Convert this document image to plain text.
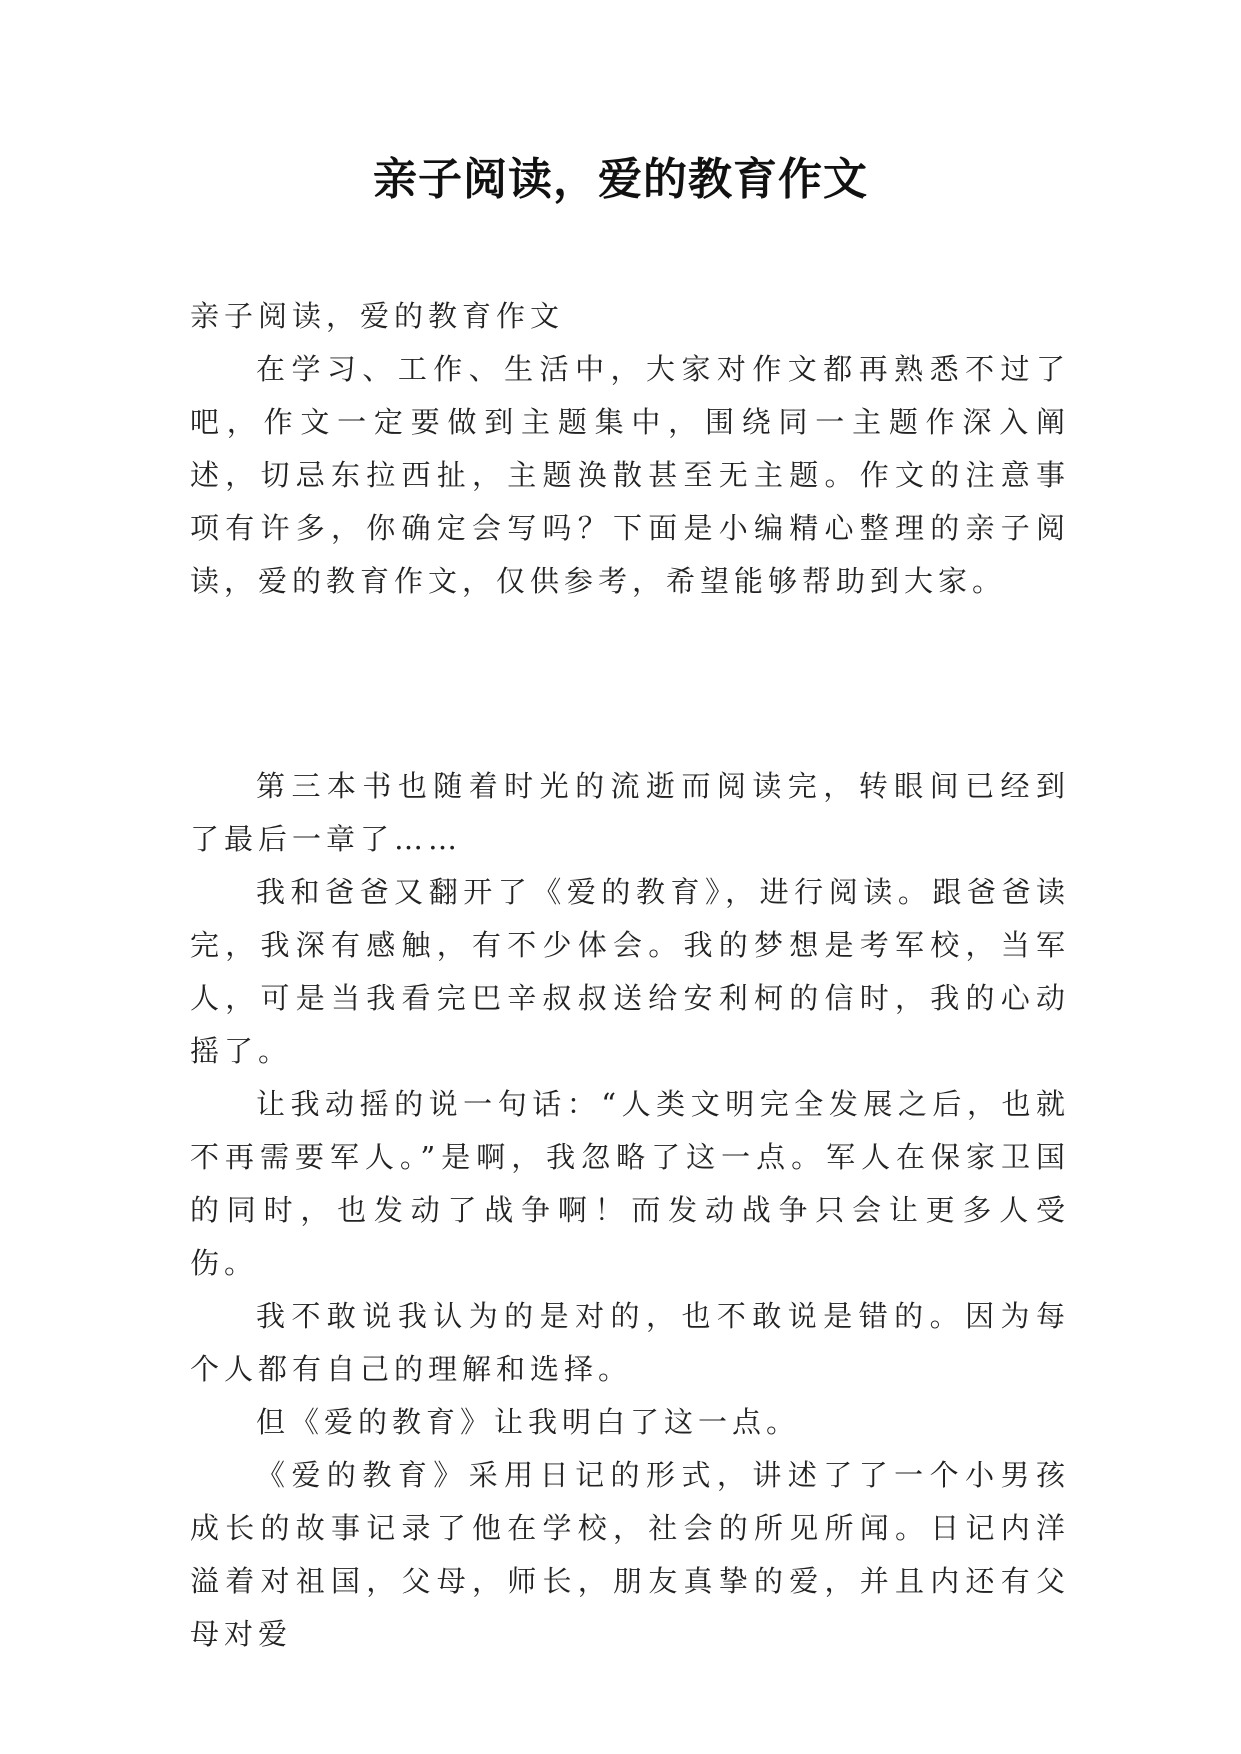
亲子阅读，爱的教育作文

亲子阅读，爱的教育作文

在学习、工作、生活中，大家对作文都再熟悉不过了吧，作文一定要做到主题集中，围绕同一主题作深入阐述，切忌东拉西扯，主题涣散甚至无主题。作文的注意事项有许多，你确定会写吗？下面是小编精心整理的亲子阅读，爱的教育作文，仅供参考，希望能够帮助到大家。

第三本书也随着时光的流逝而阅读完，转眼间已经到了最后一章了……

我和爸爸又翻开了《爱的教育》，进行阅读。跟爸爸读完，我深有感触，有不少体会。我的梦想是考军校，当军人，可是当我看完巴辛叔叔送给安利柯的信时，我的心动摇了。

让我动摇的说一句话：“人类文明完全发展之后，也就不再需要军人。”是啊，我忽略了这一点。军人在保家卫国的同时，也发动了战争啊！而发动战争只会让更多人受伤。

我不敢说我认为的是对的，也不敢说是错的。因为每个人都有自己的理解和选择。

但《爱的教育》让我明白了这一点。

《爱的教育》采用日记的形式，讲述了了一个小男孩成长的故事记录了他在学校，社会的所见所闻。日记内洋溢着对祖国，父母，师长，朋友真挚的爱，并且内还有父母对爱
